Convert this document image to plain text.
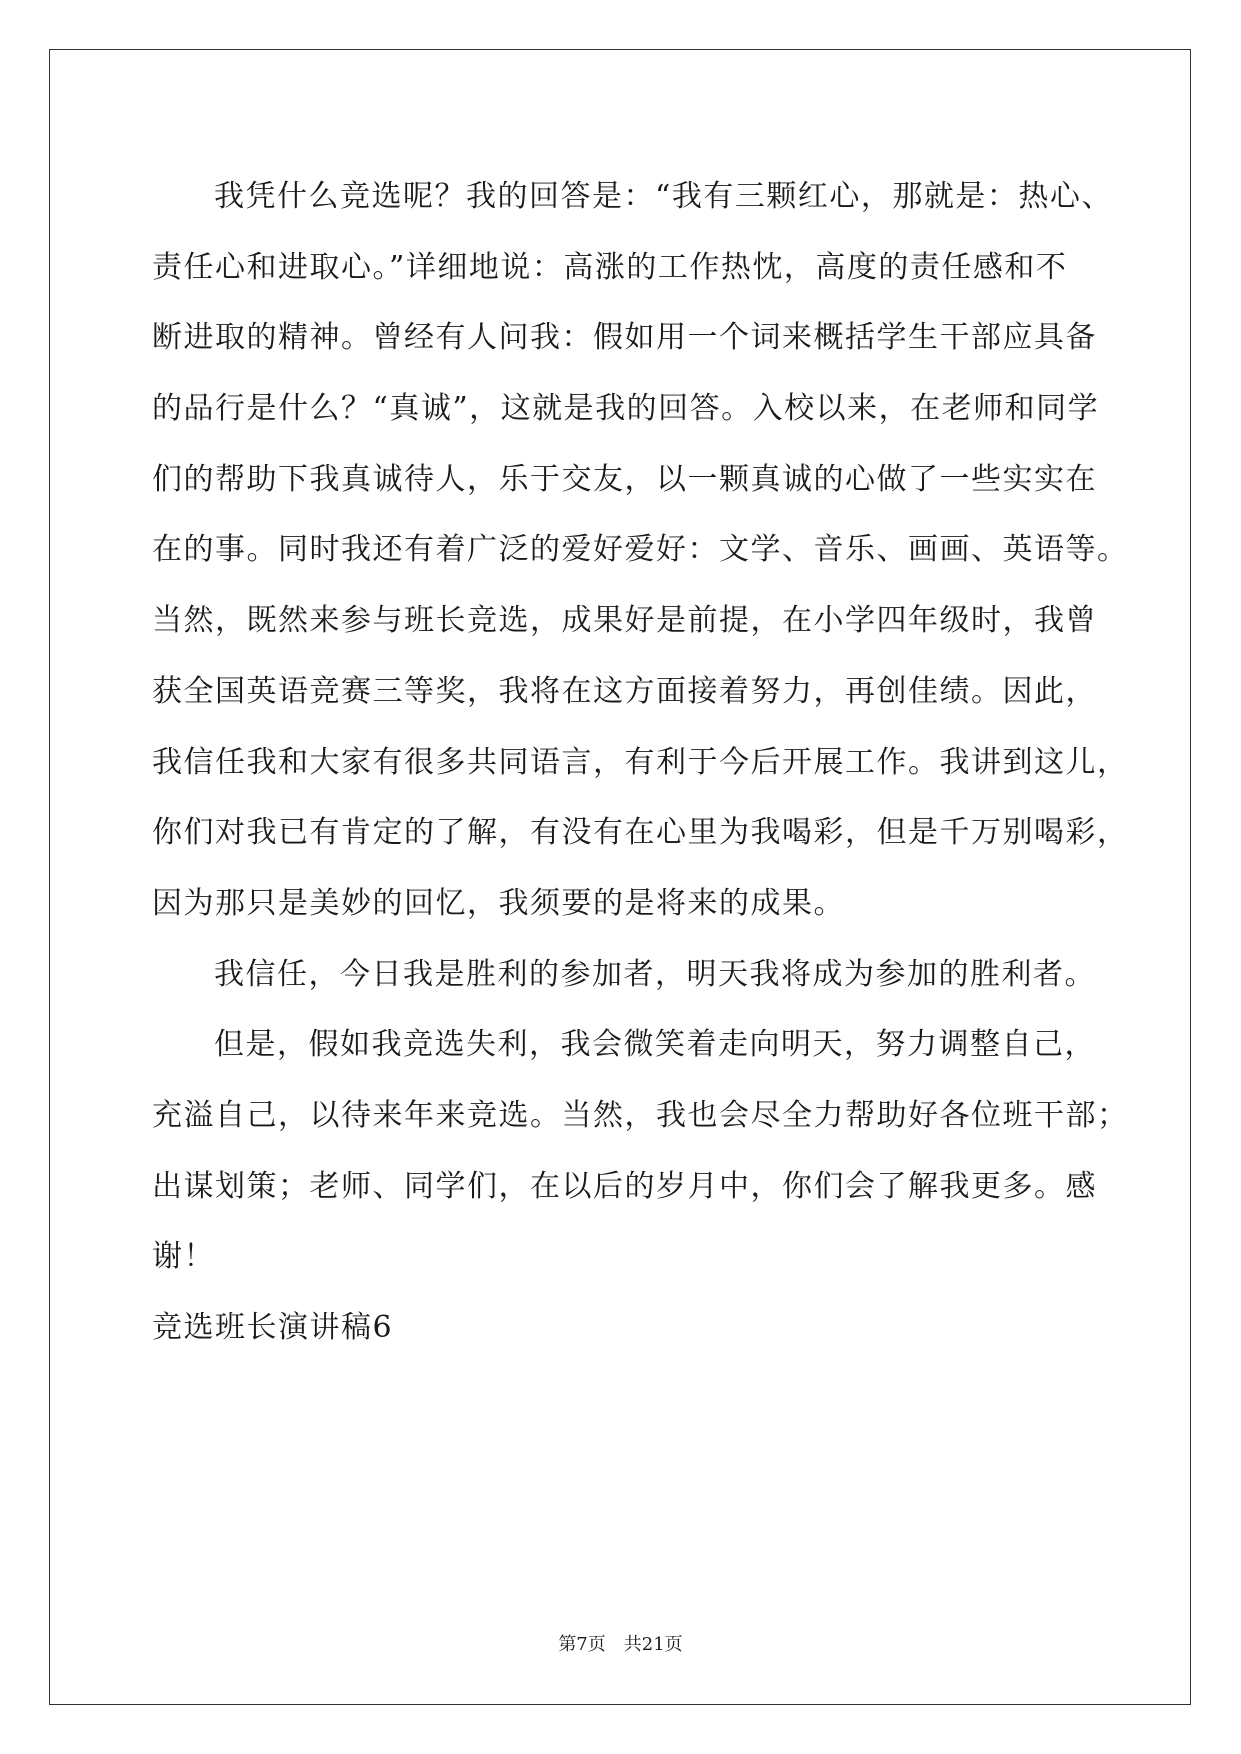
我凭什么竞选呢？我的回答是：“我有三颗红心，那就是：热心、
责任心和进取心。”详细地说：高涨的工作热忱，高度的责任感和不
断进取的精神。曾经有人问我：假如用一个词来概括学生干部应具备
的品行是什么？“真诚”，这就是我的回答。入校以来，在老师和同学
们的帮助下我真诚待人，乐于交友，以一颗真诚的心做了一些实实在
在的事。同时我还有着广泛的爱好爱好：文学、音乐、画画、英语等。
当然，既然来参与班长竞选，成果好是前提，在小学四年级时，我曾
获全国英语竞赛三等奖，我将在这方面接着努力，再创佳绩。因此，
我信任我和大家有很多共同语言，有利于今后开展工作。我讲到这儿，
你们对我已有肯定的了解，有没有在心里为我喝彩，但是千万别喝彩，
因为那只是美妙的回忆，我须要的是将来的成果。
我信任，今日我是胜利的参加者，明天我将成为参加的胜利者。
但是，假如我竞选失利，我会微笑着走向明天，努力调整自己，
充溢自己，以待来年来竞选。当然，我也会尽全力帮助好各位班干部；
出谋划策；老师、同学们，在以后的岁月中，你们会了解我更多。感
谢！
竞选班长演讲稿6
第7页　共21页
